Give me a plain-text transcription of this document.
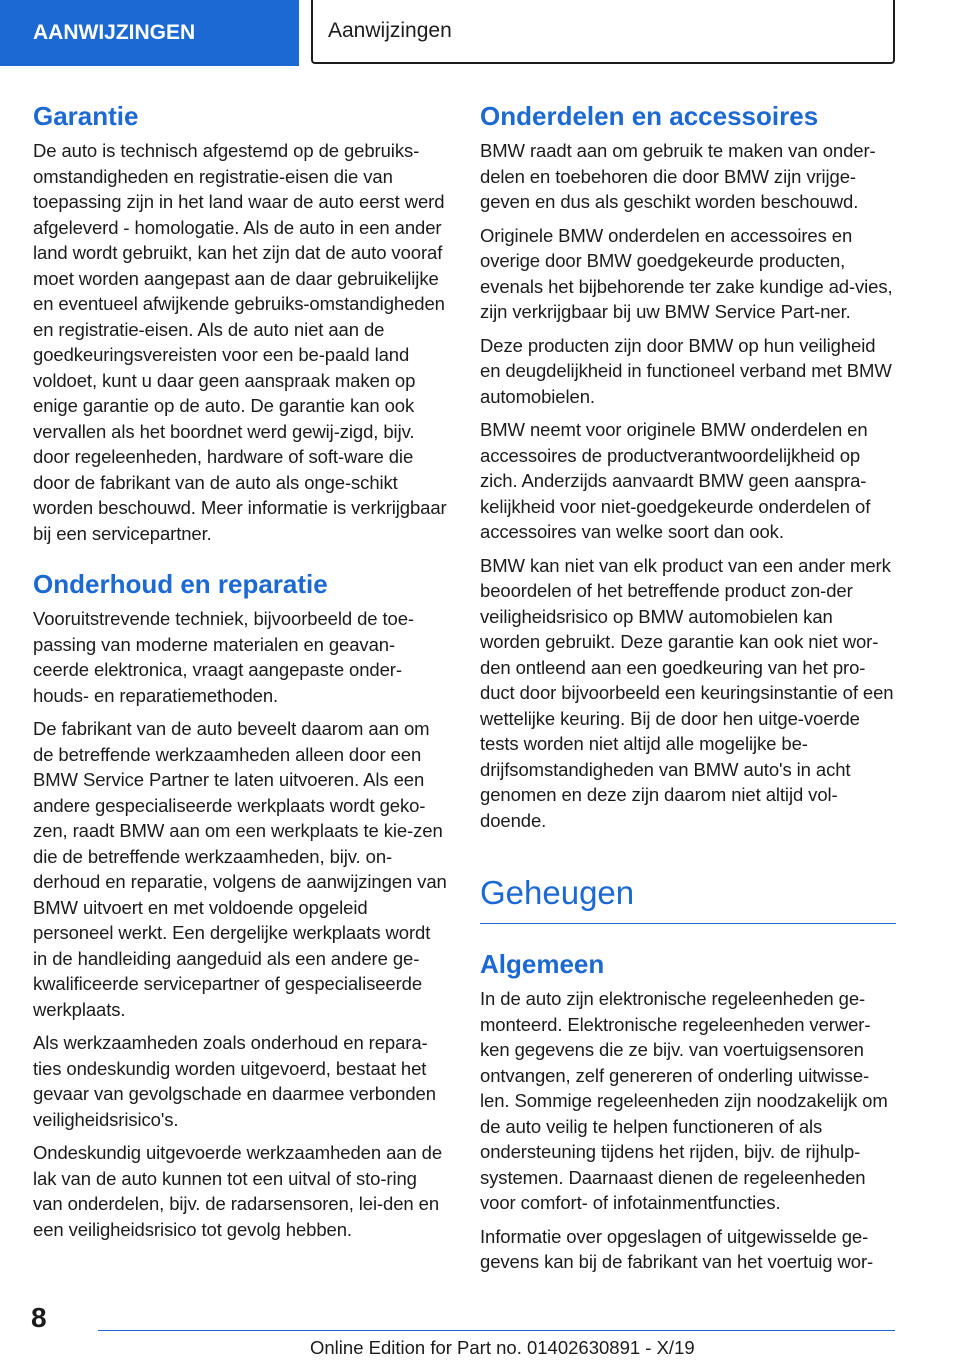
AANWIJZINGEN	Aanwijzingen
Garantie

De auto is technisch afgestemd op de gebruiks-omstandigheden en registratie-eisen die van toepassing zijn in het land waar de auto eerst werd afgeleverd - homologatie. Als de auto in een ander land wordt gebruikt, kan het zijn dat de auto vooraf moet worden aangepast aan de daar gebruikelijke en eventueel afwijkende gebruiks-omstandigheden en registratie-eisen. Als de auto niet aan de goedkeuringsvereisten voor een be-paald land voldoet, kunt u daar geen aanspraak maken op enige garantie op de auto. De garantie kan ook vervallen als het boordnet werd gewij-zigd, bijv. door regeleenheden, hardware of soft-ware die door de fabrikant van de auto als onge-schikt worden beschouwd. Meer informatie is verkrijgbaar bij een servicepartner.

Onderhoud en reparatie

Vooruitstrevende techniek, bijvoorbeeld de toe-passing van moderne materialen en geavan-ceerde elektronica, vraagt aangepaste onder-houds- en reparatiemethoden.

De fabrikant van de auto beveelt daarom aan om de betreffende werkzaamheden alleen door een BMW Service Partner te laten uitvoeren. Als een andere gespecialiseerde werkplaats wordt geko-zen, raadt BMW aan om een werkplaats te kie-zen die de betreffende werkzaamheden, bijv. on-derhoud en reparatie, volgens de aanwijzingen van BMW uitvoert en met voldoende opgeleid personeel werkt. Een dergelijke werkplaats wordt in de handleiding aangeduid als een andere ge-kwalificeerde servicepartner of gespecialiseerde werkplaats.

Als werkzaamheden zoals onderhoud en repara-ties ondeskundig worden uitgevoerd, bestaat het gevaar van gevolgschade en daarmee verbonden veiligheidsrisico's.

Ondeskundig uitgevoerde werkzaamheden aan de lak van de auto kunnen tot een uitval of sto-ring van onderdelen, bijv. de radarsensoren, lei-den en een veiligheidsrisico tot gevolg hebben.

Onderdelen en accessoires

BMW raadt aan om gebruik te maken van onder-delen en toebehoren die door BMW zijn vrijge-geven en dus als geschikt worden beschouwd.

Originele BMW onderdelen en accessoires en overige door BMW goedgekeurde producten, evenals het bijbehorende ter zake kundige ad-vies, zijn verkrijgbaar bij uw BMW Service Part-ner.

Deze producten zijn door BMW op hun veiligheid en deugdelijkheid in functioneel verband met BMW automobielen.

BMW neemt voor originele BMW onderdelen en accessoires de productverantwoordelijkheid op zich. Anderzijds aanvaardt BMW geen aanspra-kelijkheid voor niet-goedgekeurde onderdelen of accessoires van welke soort dan ook.

BMW kan niet van elk product van een ander merk beoordelen of het betreffende product zon-der veiligheidsrisico op BMW automobielen kan worden gebruikt. Deze garantie kan ook niet wor-den ontleend aan een goedkeuring van het pro-duct door bijvoorbeeld een keuringsinstantie of een wettelijke keuring. Bij de door hen uitge-voerde tests worden niet altijd alle mogelijke be-drijfsomstandigheden van BMW auto's in acht genomen en deze zijn daarom niet altijd vol-doende.

Geheugen
Algemeen

In de auto zijn elektronische regeleenheden ge-monteerd. Elektronische regeleenheden verwer-ken gegevens die ze bijv. van voertuigsensoren ontvangen, zelf genereren of onderling uitwisse-len. Sommige regeleenheden zijn noodzakelijk om de auto veilig te helpen functioneren of als ondersteuning tijdens het rijden, bijv. de rijhulp-systemen. Daarnaast dienen de regeleenheden voor comfort- of infotainmentfuncties.

Informatie over opgeslagen of uitgewisselde ge-gevens kan bij de fabrikant van het voertuig wor-

8
Online Edition for Part no. 01402630891 - X/19
